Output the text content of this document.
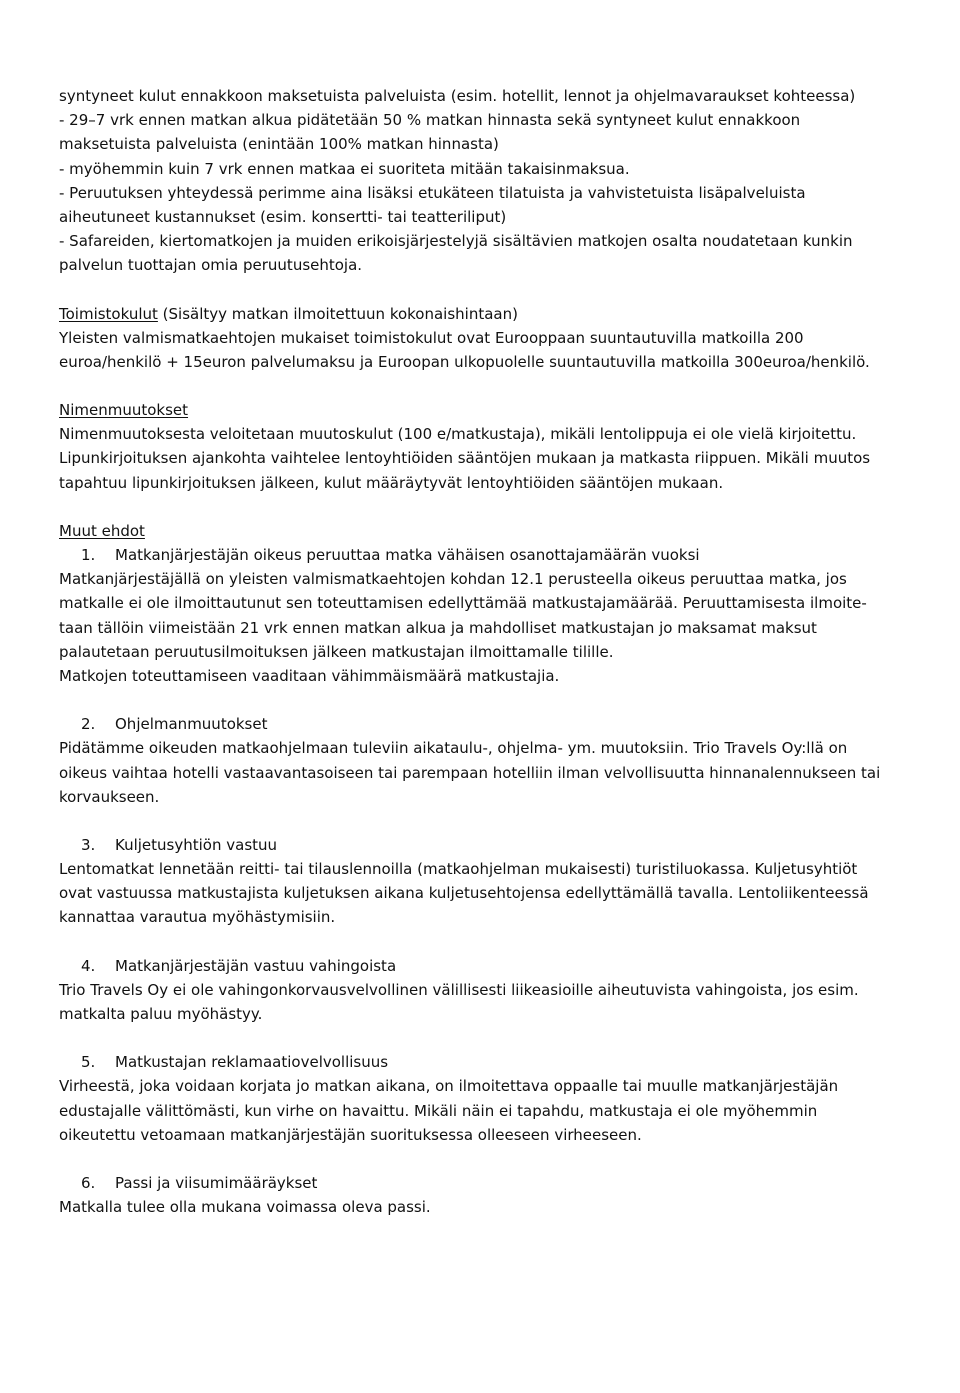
syntyneet kulut ennakkoon maksetuista palveluista (esim. hotellit, lennot ja ohjelmavaraukset kohteessa)
- 29–7 vrk ennen matkan alkua pidätetään 50 % matkan hinnasta sekä syntyneet kulut ennakkoon
maksetuista palveluista (enintään 100% matkan hinnasta)
- myöhemmin kuin 7 vrk ennen matkaa ei suoriteta mitään takaisinmaksua.
- Peruutuksen yhteydessä perimme aina lisäksi etukäteen tilatuista ja vahvistetuista lisäpalveluista
aiheutuneet kustannukset (esim. konsertti- tai teatteriliput)
- Safareiden, kiertomatkojen ja muiden erikoisjärjestelyjä sisältävien matkojen osalta noudatetaan kunkin
palvelun tuottajan omia peruutusehtoja.
Toimistokulut (Sisältyy matkan ilmoitettuun kokonaishintaan)
Yleisten valmismatkaehtojen mukaiset toimistokulut ovat Eurooppaan suuntautuvilla matkoilla 200
euroa/henkilö + 15euron palvelumaksu ja Euroopan ulkopuolelle suuntautuvilla matkoilla 300euroa/henkilö.
Nimenmuutokset
Nimenmuutoksesta veloitetaan muutoskulut (100 e/matkustaja), mikäli lentolippuja ei ole vielä kirjoitettu.
Lipunkirjoituksen ajankohta vaihtelee lentoyhtiöiden sääntöjen mukaan ja matkasta riippuen. Mikäli muutos
tapahtuu lipunkirjoituksen jälkeen, kulut määräytyvät lentoyhtiöiden sääntöjen mukaan.
Muut ehdot
1. Matkanjärjestäjän oikeus peruuttaa matka vähäisen osanottajamäärän vuoksi
Matkanjärjestäjällä on yleisten valmismatkaehtojen kohdan 12.1 perusteella oikeus peruuttaa matka, jos
matkalle ei ole ilmoittautunut sen toteuttamisen edellyttämää matkustajamäärää. Peruuttamisesta ilmoite-
taan tällöin viimeistään 21 vrk ennen matkan alkua ja mahdolliset matkustajan jo maksamat maksut
palautetaan peruutusilmoituksen jälkeen matkustajan ilmoittamalle tilille.
Matkojen toteuttamiseen vaaditaan vähimmäismäärä matkustajia.
2. Ohjelmanmuutokset
Pidätämme oikeuden matkaohjelmaan tuleviin aikataulu-, ohjelma- ym. muutoksiin. Trio Travels Oy:llä on
oikeus vaihtaa hotelli vastaavantasoiseen tai parempaan hotelliin ilman velvollisuutta hinnanalennukseen tai
korvaukseen.
3. Kuljetusyhtiön vastuu
Lentomatkat lennetään reitti- tai tilauslennoilla (matkaohjelman mukaisesti) turistiluokassa. Kuljetusyhtiöt
ovat vastuussa matkustajista kuljetuksen aikana kuljetusehtojensa edellyttämällä tavalla. Lentoliikenteessä
kannattaa varautua myöhästymisiin.
4. Matkanjärjestäjän vastuu vahingoista
Trio Travels Oy ei ole vahingonkorvausvelvollinen välillisesti liikeasioille aiheutuvista vahingoista, jos esim.
matkalta paluu myöhästyy.
5. Matkustajan reklamaatiovelvollisuus
Virheestä, joka voidaan korjata jo matkan aikana, on ilmoitettava oppaalle tai muulle matkanjärjestäjän
edustajalle välittömästi, kun virhe on havaittu. Mikäli näin ei tapahdu, matkustaja ei ole myöhemmin
oikeutettu vetoamaan matkanjärjestäjän suorituksessa olleeseen virheeseen.
6. Passi ja viisumimääräykset
Matkalla tulee olla mukana voimassa oleva passi.
